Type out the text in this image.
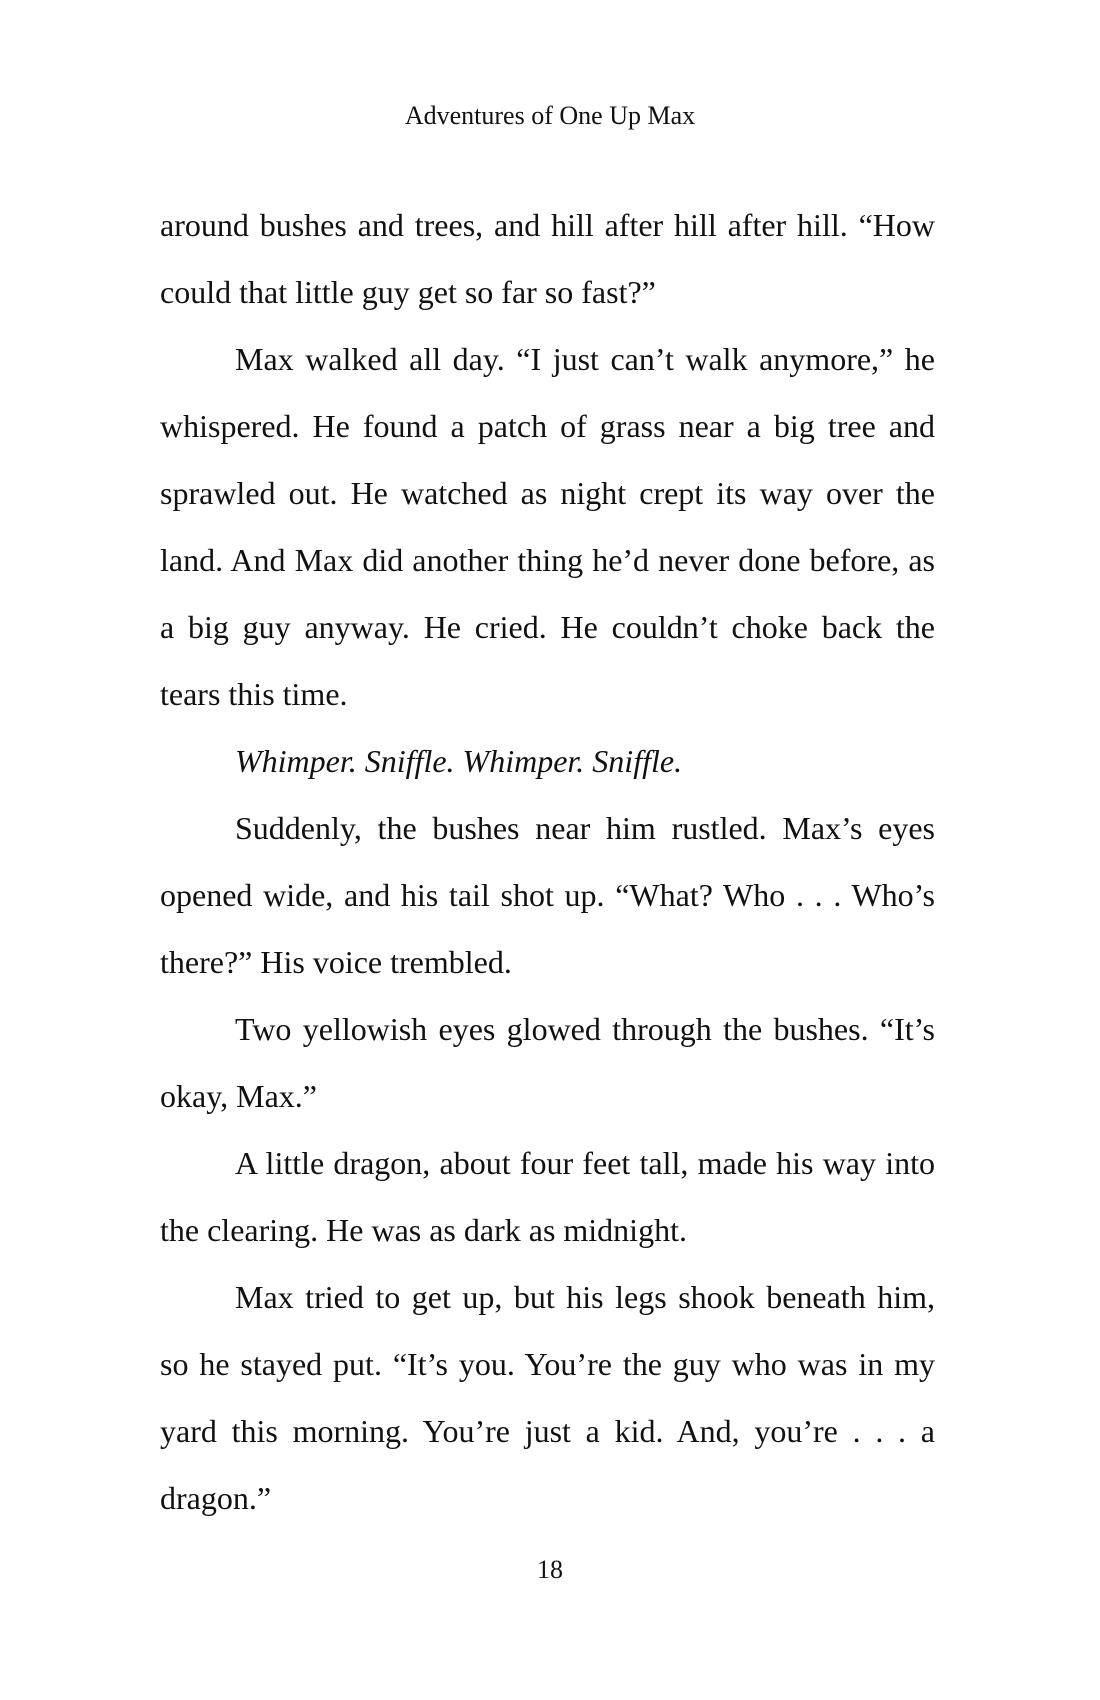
Adventures of One Up Max

around bushes and trees, and hill after hill after hill. “How could that little guy get so far so fast?”

Max walked all day. “I just can’t walk anymore,” he whispered. He found a patch of grass near a big tree and sprawled out. He watched as night crept its way over the land. And Max did another thing he’d never done before, as a big guy anyway. He cried. He couldn’t choke back the tears this time.

Whimper. Sniffle. Whimper. Sniffle.

Suddenly, the bushes near him rustled. Max’s eyes opened wide, and his tail shot up. “What? Who . . . Who’s there?” His voice trembled.

Two yellowish eyes glowed through the bushes. “It’s okay, Max.”

A little dragon, about four feet tall, made his way into the clearing. He was as dark as midnight.

Max tried to get up, but his legs shook beneath him, so he stayed put. “It’s you. You’re the guy who was in my yard this morning. You’re just a kid. And, you’re . . . a dragon.”

18
